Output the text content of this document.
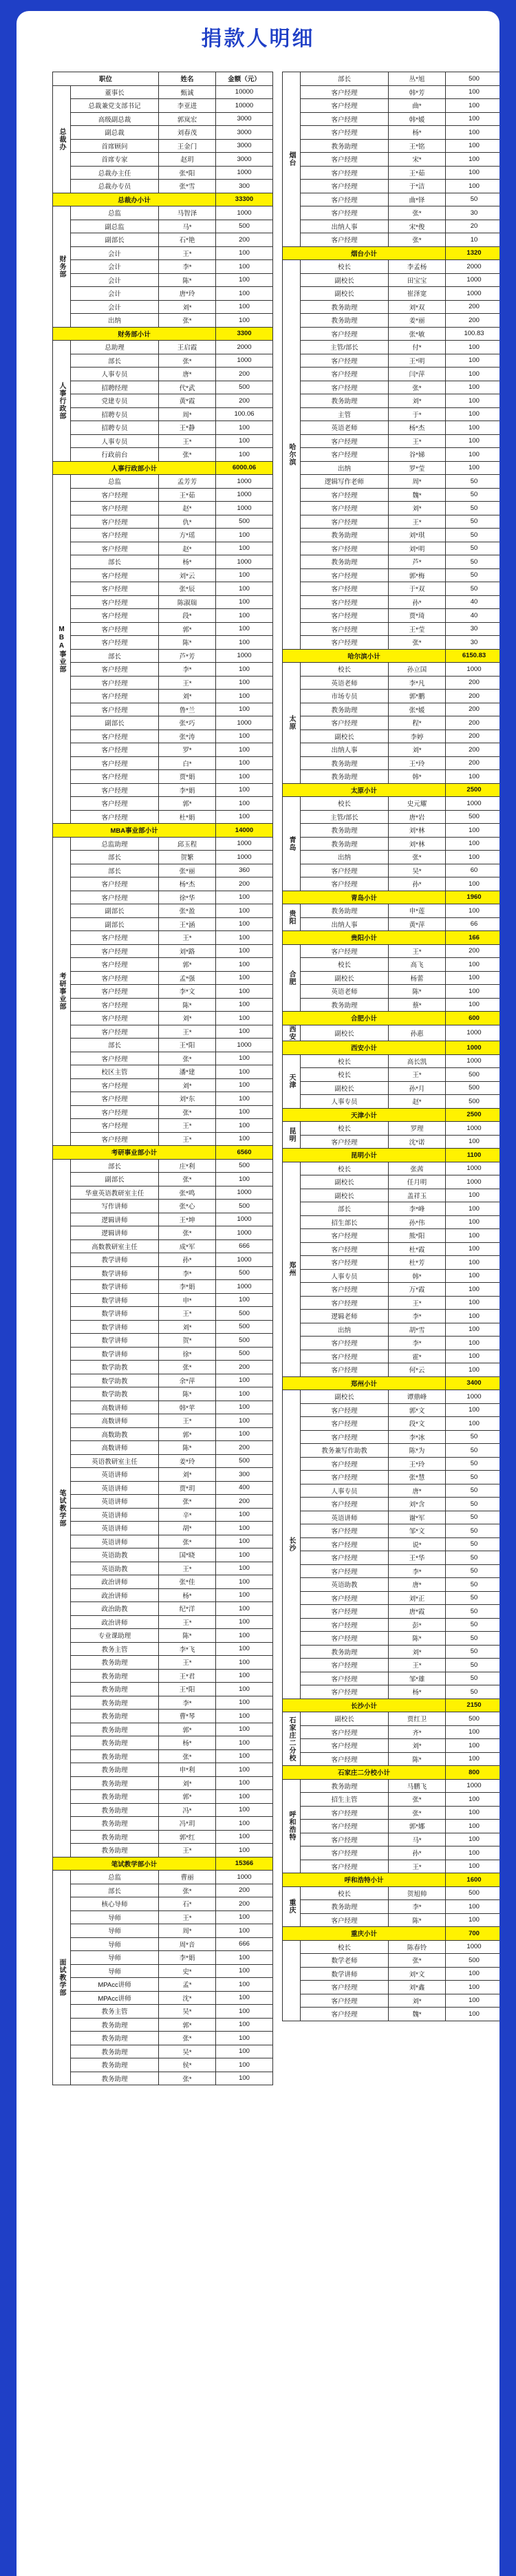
捐款人明细
职位		姓名	金额（元）
总裁办	董事长	甄诚	10000
	总裁兼党支部书记	李亚进	10000
	高级副总裁	郭岚宏	3000
	副总裁	刘春茂	3000
	首席顾问	王金门	3000
	首席专家	赵玥	3000
	总裁办主任	张*阳	1000
	总裁办专员	张*雪	300
总裁办小计			33300
财务部	总监	马智泽	1000
	副总监	马*	500
	副部长	石*艳	200
	会计	王*	100
	会计	李*	100
	会计	陈*	100
	会计	唐*玲	100
	会计	刘*	100
	出纳	张*	100
财务部小计			3300
人事行政部	总助理	王启霞	2000
	部长	张*	1000
	人事专员	唐*	200
	招聘经理	代*武	500
	党建专员	黄*霞	200
	招聘专员	周*	100.06
	招聘专员	王*静	100
	人事专员	王*	100
	行政前台	张*	100
人事行政部小计			6000.06
MBA事业部	总监	孟芳芳	1000
	客户经理	王*茹	1000
	客户经理	赵*	1000
	客户经理	仇*	500
	客户经理	方*瑶	100
	客户经理	赵*	100
	部长	杨*	1000
	客户经理	刘*云	100
	客户经理	张*辰	100
	客户经理	陈淑瑞	100
	客户经理	段*	100
	客户经理	郭*	100
	客户经理	陈*	100
	部长	芦*芳	1000
	客户经理	李*	100
	客户经理	王*	100
	客户经理	刘*	100
	客户经理	鲁*兰	100
	副部长	张*巧	1000
	客户经理	张*涛	100
	客户经理	罗*	100
	客户经理	白*	100
	客户经理	贾*娟	100
	客户经理	李*娟	100
	客户经理	郭*	100
	客户经理	杜*娟	100
MBA事业部小计			14000
考研事业部	总监助理	邱玉程	1000
	部长	贺繁	1000
	部长	张*丽	360
	客户经理	杨*杰	200
	客户经理	徐*华	100
	副部长	张*盈	100
	副部长	王*涵	100
	客户经理	王*	100
	客户经理	刘*路	100
	客户经理	郭*	100
	客户经理	孟*强	100
	客户经理	李*文	100
	客户经理	陈*	100
	客户经理	刘*	100
	客户经理	王*	100
	部长	王*阳	1000
	客户经理	张*	100
	校区主管	潘*建	100
	客户经理	刘*	100
	客户经理	刘*东	100
	客户经理	张*	100
	客户经理	王*	100
	客户经理	王*	100
考研事业部小计			6560
笔试教学部	部长	庄*利	500
	副部长	张*	100
	华童英语教研室主任	张*鸣	1000
	写作讲师	张*心	500
	逻辑讲师	王*坤	1000
	逻辑讲师	张*	1000
	高数教研室主任	成*军	666
	教学讲师	孙*	1000
	数学讲师	李*	500
	数学讲师	李*娟	1000
	数学讲师	申*	100
	数学讲师	王*	500
	数学讲师	刘*	500
	数学讲师	贺*	500
	数学讲师	徐*	500
	数学助教	张*	200
	数学助教	余*萍	100
	数学助教	陈*	100
	高数讲师	韩*苹	100
	高数讲师	王*	100
	高数助教	郭*	100
	高数讲师	陈*	200
	英语教研室主任	姜*玲	500
	英语讲师	刘*	300
	英语讲师	贾*玥	400
	英语讲师	张*	200
	英语讲师	辛*	100
	英语讲师	胡*	100
	英语讲师	张*	100
	英语助教	国*晓	100
	英语助教	王*	100
	政治讲师	张*佳	100
	政治讲师	杨*	100
	政治助教	纪*洋	100
	政治讲师	王*	100
	专业课助理	陈*	100
	教务主管	李*飞	100
	教务助理	王*	100
	教务助理	王*君	100
	教务助理	王*阳	100
	教务助理	李*	100
	教务助理	曹*琴	100
	教务助理	郭*	100
	教务助理	杨*	100
	教务助理	张*	100
	教务助理	申*利	100
	教务助理	刘*	100
	教务助理	郭*	100
	教务助理	冯*	100
	教务助理	冯*玥	100
	教务助理	郭*红	100
	教务助理	王*	100
笔试教学部小计			15366
面试教学部	总监	曹丽	1000
	部长	张*	200
	核心导师	石*	200
	导师	王*	100
	导师	周*	100
	导师	周*音	666
	导师	李*娟	100
	导师	史*	100
	MPAcc讲师	孟*	100
	MPAcc讲师	沈*	100
	教务主管	吴*	100
	教务助理	郭*	100
	教务助理	张*	100
	教务助理	吴*	100
	教务助理	侯*	100
	教务助理	张*	100
烟台	部长	丛*旭	500
	客户经理	韩*芳	100
	客户经理	曲*	100
	客户经理	韩*媛	100
	客户经理	杨*	100
	教务助理	王*铭	100
	客户经理	宋*	100
	客户经理	王*茹	100
	客户经理	于*洁	100
	客户经理	曲*铎	50
	客户经理	张*	30
	出纳人事	宋*俊	20
	客户经理	张*	10
烟台小计			1320
哈尔滨	校长	李孟杨	2000
	副校长	田宝宝	1000
	副校长	崔泽宽	1000
	教务助理	刘*双	200
	教务助理	姜*丽	200
	客户经理	张*敏	100.83
	主管/部长	付*	100
	客户经理	王*明	100
	客户经理	闫*萍	100
	客户经理	张*	100
	教务助理	刘*	100
	主管	于*	100
	英语老师	杨*杰	100
	客户经理	王*	100
	客户经理	谷*娣	100
	出纳	罗*莹	100
	逻辑写作老师	周*	50
	客户经理	魏*	50
	客户经理	刘*	50
	客户经理	王*	50
	教务助理	刘*琪	50
	客户经理	刘*明	50
	教务助理	芦*	50
	客户经理	郭*梅	50
	客户经理	于*双	50
	客户经理	孙*	40
	客户经理	贾*琦	40
	客户经理	王*莹	30
	客户经理	张*	30
哈尔滨小计			6150.83
太原	校长	孙立国	1000
	英语老师	李*凡	200
	市场专员	郭*鹏	200
	教务助理	张*媛	200
	客户经理	程*	200
	副校长	李婷	200
	出纳人事	刘*	200
	教务助理	王*玲	200
	教务助理	韩*	100
太原小计			2500
青岛	校长	史元耀	1000
	主管/部长	唐*岩	500
	教务助理	刘*林	100
	教务助理	刘*林	100
	出纳	张*	100
	客户经理	吴*	60
	客户经理	孙*	100
青岛小计			1960
贵阳	教务助理	申*莲	100
	出纳人事	黄*萍	66
贵阳小计			166
合肥	客户经理	王*	200
	校长	高飞	100
	副校长	杨蕾	100
	英语老师	陈*	100
	教务助理	蔡*	100
合肥小计			600
西安	副校长	孙惠	1000
西安小计			1000
天津	校长	高长凯	1000
	校长	王*	500
	副校长	孙*月	500
	人事专员	赵*	500
天津小计			2500
昆明	校长	罗理	1000
	客户经理	沈*诺	100
昆明小计			1100
郑州	校长	张茜	1000
	副校长	任月明	1000
	副校长	盖祥玉	100
	部长	李*峰	100
	招生部长	孙*伟	100
	客户经理	熊*阳	100
	客户经理	杜*霞	100
	客户经理	杜*芳	100
	人事专员	韩*	100
	客户经理	万*霞	100
	客户经理	王*	100
	逻辑老师	李*	100
	出纳	胡*雪	100
	客户经理	李*	100
	客户经理	霍*	100
	客户经理	何*云	100
郑州小计			3400
长沙	副校长	谭鼎峰	1000
	客户经理	郭*文	100
	客户经理	段*文	100
	客户经理	李*冰	50
	教务兼写作助教	陈*为	50
	客户经理	王*玲	50
	客户经理	张*慧	50
	人事专员	唐*	50
	客户经理	刘*含	50
	英语讲师	谢*军	50
	客户经理	邹*文	50
	客户经理	说*	50
	客户经理	王*华	50
	客户经理	李*	50
	英语助教	唐*	50
	客户经理	刘*正	50
	客户经理	唐*霞	50
	客户经理	彭*	50
	客户经理	陈*	50
	教务助理	刘*	50
	客户经理	王*	50
	客户经理	邹*雄	50
	客户经理	杨*	50
长沙小计			2150
石家庄二分校	副校长	贾红卫	500
	客户经理	齐*	100
	客户经理	刘*	100
	客户经理	陈*	100
石家庄二分校小计			800
呼和浩特	教务助理	马鹏飞	1000
	招生主管	张*	100
	客户经理	张*	100
	客户经理	郭*娜	100
	客户经理	马*	100
	客户经理	孙*	100
	客户经理	王*	100
呼和浩特小计			1600
重庆	校长	贺旭帅	500
	教务助理	李*	100
	客户经理	陈*	100
重庆小计			700
	校长	陈春铃	1000
	数学老师	张*	500
	数学讲师	刘*文	100
	客户经理	刘*鑫	100
	客户经理	刘*	100
	客户经理	魏*	100
